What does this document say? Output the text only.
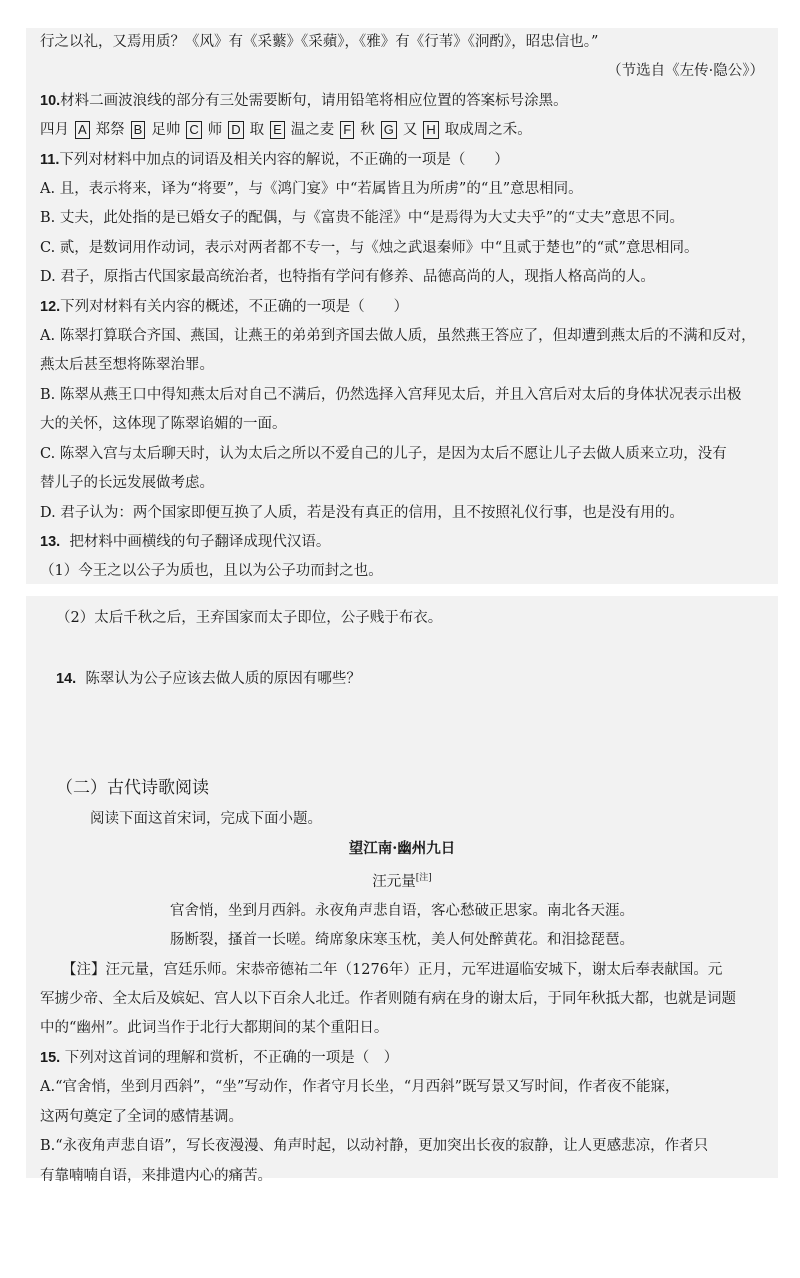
行之以礼，又焉用质？《风》有《采蘩》《采蘋》，《雅》有《行苇》《泂酌》，昭忠信也。”
（节选自《左传·隐公》）
10.材料二画波浪线的部分有三处需要断句，请用铅笔将相应位置的答案标号涂黑。
四月 A 郑祭 B 足帅 C 师 D 取 E 温之麦 F 秋 G 又 H 取成周之禾。
11.下列对材料中加点的词语及相关内容的解说，不正确的一项是（　　）
A. 且，表示将来，译为“将要”，与《鸿门宴》中“若属皆且为所虏”的“且”意思相同。
B. 丈夫，此处指的是已婚女子的配偶，与《富贵不能淫》中“是焉得为大丈夫乎”的“丈夫”意思不同。
C. 贰，是数词用作动词，表示对两者都不专一，与《烛之武退秦师》中“且贰于楚也”的“贰”意思相同。
D. 君子，原指古代国家最高统治者，也特指有学问有修养、品德高尚的人，现指人格高尚的人。
12.下列对材料有关内容的概述，不正确的一项是（　　）
A. 陈翠打算联合齐国、燕国，让燕王的弟弟到齐国去做人质，虽然燕王答应了，但却遭到燕太后的不满和反对，
燕太后甚至想将陈翠治罪。
B. 陈翠从燕王口中得知燕太后对自己不满后，仍然选择入宫拜见太后，并且入宫后对太后的身体状况表示出极
大的关怀，这体现了陈翠谄媚的一面。
C. 陈翠入宫与太后聊天时，认为太后之所以不爱自己的儿子，是因为太后不愿让儿子去做人质来立功，没有
替儿子的长远发展做考虑。
D. 君子认为：两个国家即便互换了人质，若是没有真正的信用，且不按照礼仪行事，也是没有用的。
13. 把材料中画横线的句子翻译成现代汉语。
（1）今王之以公子为质也，且以为公子功而封之也。
（2）太后千秋之后，王弃国家而太子即位，公子贱于布衣。
14. 陈翠认为公子应该去做人质的原因有哪些？
（二）古代诗歌阅读
阅读下面这首宋词，完成下面小题。
望江南·幽州九日
汪元量[注]
官舍悄，坐到月西斜。永夜角声悲自语，客心愁破正思家。南北各天涯。
肠断裂，搔首一长嗟。绮席象床寒玉枕，美人何处醉黄花。和泪捻琵琶。
【注】汪元量，宫廷乐师。宋恭帝德祐二年（1276年）正月，元军进逼临安城下，谢太后奉表献国。元
军掳少帝、全太后及嫔妃、宫人以下百余人北迁。作者则随有病在身的谢太后，于同年秋抵大都，也就是词题
中的“幽州”。此词当作于北行大都期间的某个重阳日。
15. 下列对这首词的理解和赏析，不正确的一项是（　）
A.“官舍悄，坐到月西斜”，“坐”写动作，作者守月长坐，“月西斜”既写景又写时间，作者夜不能寐，
这两句奠定了全词的感情基调。
B.“永夜角声悲自语”，写长夜漫漫、角声时起，以动衬静，更加突出长夜的寂静，让人更感悲凉，作者只
有靠喃喃自语，来排遣内心的痛苦。
